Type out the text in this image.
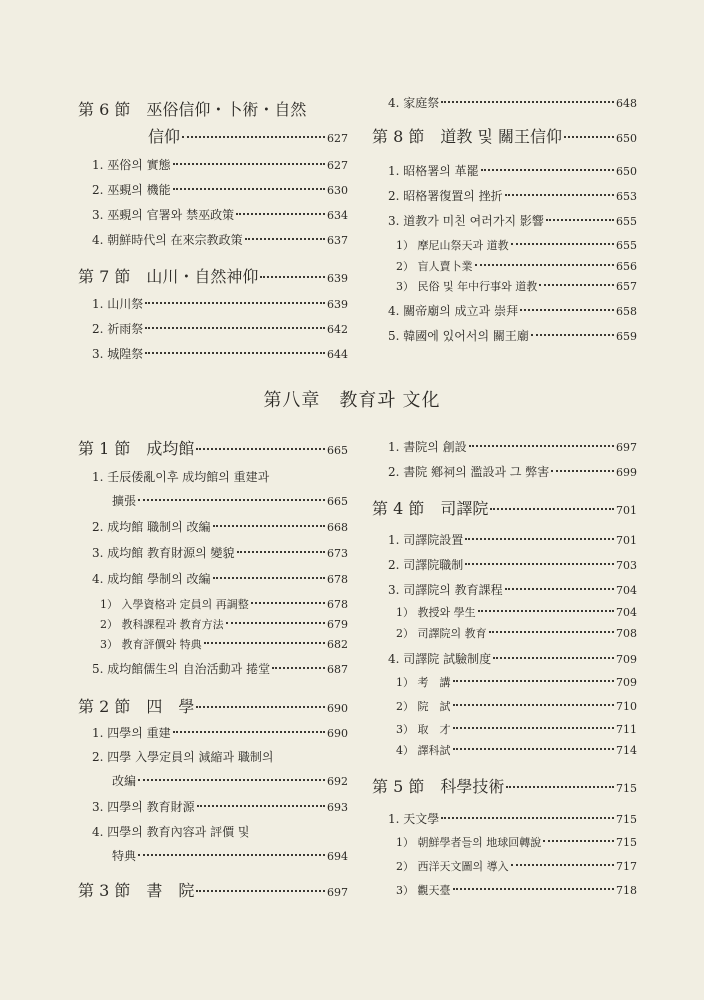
第 6 節　巫俗信仰・卜術・自然
信仰	627
1. 巫俗의 實態	627
2. 巫覡의 機能	630
3. 巫覡의 官署와 禁巫政策	634
4. 朝鮮時代의 在來宗教政策	637
第 7 節　山川・自然神仰	639
1. 山川祭	639
2. 祈雨祭	642
3. 城隍祭	644
4. 家庭祭	648
第 8 節　道教 및 關王信仰	650
1. 昭格署의 革罷	650
2. 昭格署復置의 挫折	653
3. 道教가 미친 여러가지 影響	655
1） 摩尼山祭天과 道教	655
2） 盲人賣卜業	656
3） 民俗 및 年中行事와 道教	657
4. 關帝廟의 成立과 崇拜	658
5. 韓國에 있어서의 關王廟	659
第八章　教育과 文化
第 1 節　成均館	665
1. 壬辰倭亂이후 成均館의 重建과
擴張	665
2. 成均館 職制의 改編	668
3. 成均館 教育財源의 變貌	673
4. 成均館 學制의 改編	678
1） 入學資格과 定員의 再調整	678
2） 教科課程과 教育方法	679
3） 教育評價와 特典	682
5. 成均館儒生의 自治活動과 捲堂	687
第 2 節　四　學	690
1. 四學의 重建	690
2. 四學 入學定員의 減縮과 職制의
改編	692
3. 四學의 教育財源	693
4. 四學의 教育內容과 評價 및
特典	694
第 3 節　書　院	697
1. 書院의 創設	697
2. 書院 鄕祠의 濫設과 그 弊害	699
第 4 節　司譯院	701
1. 司譯院設置	701
2. 司譯院職制	703
3. 司譯院의 教育課程	704
1） 教授와 學生	704
2） 司譯院의 教育	708
4. 司譯院 試驗制度	709
1） 考　講	709
2） 院　試	710
3） 取　才	711
4） 譯科試	714
第 5 節　科學技術	715
1. 天文學	715
1） 朝鮮學者들의 地球回轉說	715
2） 西洋天文圖의 導入	717
3） 觀天臺	718
